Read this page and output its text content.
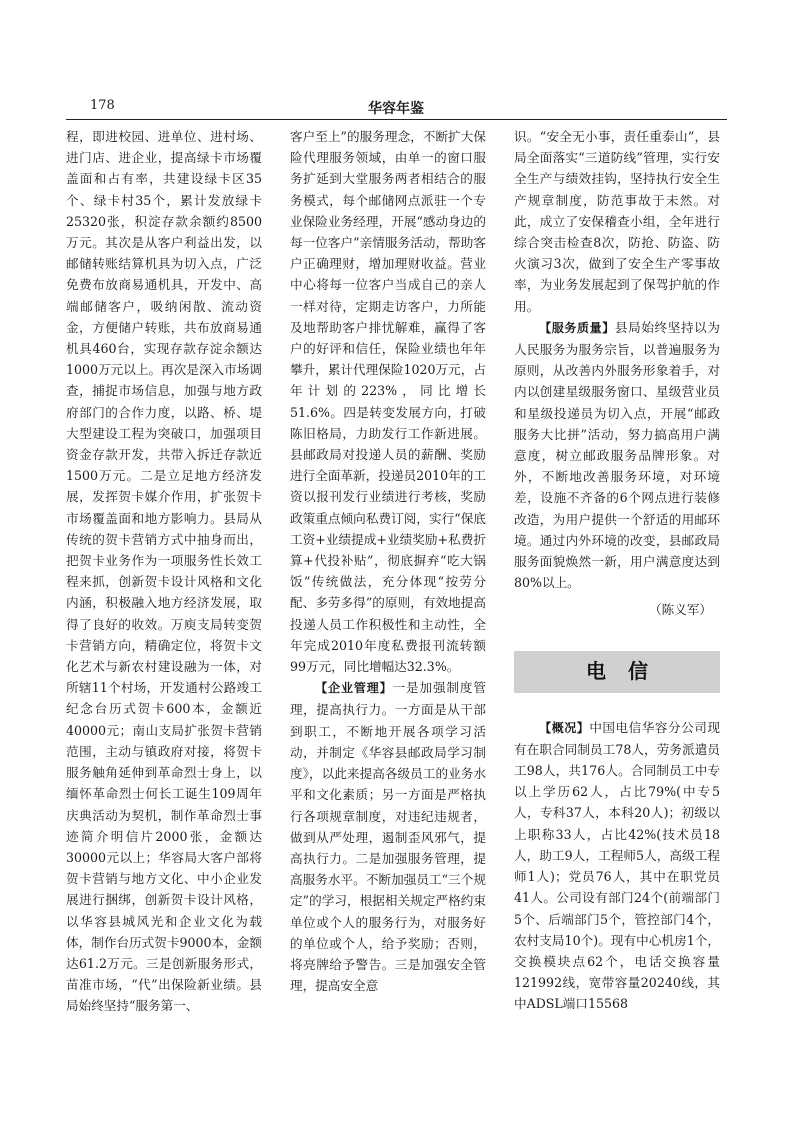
178	华容年鉴

程，即进校园、进单位、进村场、进门店、进企业，提高绿卡市场覆盖面和占有率，共建设绿卡区35个、绿卡村35个，累计发放绿卡25320张，积淀存款余额约8500万元。其次是从客户利益出发，以邮储转账结算机具为切入点，广泛免费布放商易通机具，开发中、高端邮储客户，吸纳闲散、流动资金，方便储户转账，共布放商易通机具460台，实现存款存淀余额达1000万元以上。再次是深入市场调查，捕捉市场信息，加强与地方政府部门的合作力度，以路、桥、堤大型建设工程为突破口，加强项目资金存款开发，共带入拆迁存款近1500万元。二是立足地方经济发展，发挥贺卡媒介作用，扩张贺卡市场覆盖面和地方影响力。县局从传统的贺卡营销方式中抽身而出，把贺卡业务作为一项服务性长效工程来抓，创新贺卡设计风格和文化内涵，积极融入地方经济发展，取得了良好的收效。万庾支局转变贺卡营销方向，精确定位，将贺卡文化艺术与新农村建设融为一体，对所辖11个村场，开发通村公路竣工纪念台历式贺卡600本，金额近40000元；南山支局扩张贺卡营销范围，主动与镇政府对接，将贺卡服务触角延伸到革命烈士身上，以缅怀革命烈士何长工诞生109周年庆典活动为契机，制作革命烈士事迹简介明信片2000张，金额达30000元以上；华容局大客户部将贺卡营销与地方文化、中小企业发展进行捆绑，创新贺卡设计风格，以华容县城风光和企业文化为载体，制作台历式贺卡9000本，金额达61.2万元。三是创新服务形式，苗准市场，“代”出保险新业绩。县局始终坚持“服务第一、

客户至上”的服务理念，不断扩大保险代理服务领域，由单一的窗口服务扩延到大堂服务两者相结合的服务模式，每个邮储网点派驻一个专业保险业务经理，开展“感动身边的每一位客户”亲情服务活动，帮助客户正确理财，增加理财收益。营业中心将每一位客户当成自己的亲人一样对待，定期走访客户，力所能及地帮助客户排忧解难，赢得了客户的好评和信任，保险业绩也年年攀升，累计代理保险1020万元，占年计划的223%，同比增长51.6%。四是转变发展方向，打破陈旧格局，力助发行工作新进展。县邮政局对投递人员的薪酬、奖励进行全面革新，投递员2010年的工资以报刊发行业绩进行考核，奖励政策重点倾向私费订阅，实行“保底工资+业绩提成+业绩奖励+私费折算+代投补贴”，彻底摒弃“吃大锅饭”传统做法，充分体现“按劳分配、多劳多得”的原则，有效地提高投递人员工作积极性和主动性，全年完成2010年度私费报刊流转额99万元，同比增幅达32.3%。

【企业管理】一是加强制度管理，提高执行力。一方面是从干部到职工，不断地开展各项学习活动，并制定《华容县邮政局学习制度》，以此来提高各级员工的业务水平和文化素质；另一方面是严格执行各项规章制度，对违纪违规者，做到从严处理，遏制歪风邪气，提高执行力。二是加强服务管理，提高服务水平。不断加强员工“三个规定”的学习，根据相关规定严格约束单位或个人的服务行为，对服务好的单位或个人，给予奖励；否则，将亮牌给予警告。三是加强安全管理，提高安全意

识。“安全无小事，责任重泰山”，县局全面落实“三道防线”管理，实行安全生产与绩效挂钩，坚持执行安全生产规章制度，防范事故于未然。对此，成立了安保稽查小组，全年进行综合突击检查8次，防抢、防盗、防火演习3次，做到了安全生产零事故率，为业务发展起到了保驾护航的作用。

【服务质量】县局始终坚持以为人民服务为服务宗旨，以普遍服务为原则，从改善内外服务形象着手，对内以创建星级服务窗口、星级营业员和星级投递员为切入点，开展“邮政服务大比拼”活动，努力搞高用户满意度，树立邮政服务品牌形象。对外，不断地改善服务环境，对环境差，设施不齐备的6个网点进行装修改造，为用户提供一个舒适的用邮环境。通过内外环境的改变，县邮政局服务面貌焕然一新，用户满意度达到80%以上。

（陈义军）

电信

【概况】中国电信华容分公司现有在职合同制员工78人，劳务派遣员工98人，共176人。合同制员工中专以上学历62人，占比79%(中专5人，专科37人，本科20人)；初级以上职称33人，占比42%(技术员18人，助工9人，工程师5人，高级工程师1人)；党员76人，其中在职党员41人。公司设有部门24个(前端部门5个、后端部门5个，管控部门4个，农村支局10个)。现有中心机房1个，交换模块点62个，电话交换容量121992线，宽带容量20240线，其中ADSL端口15568
